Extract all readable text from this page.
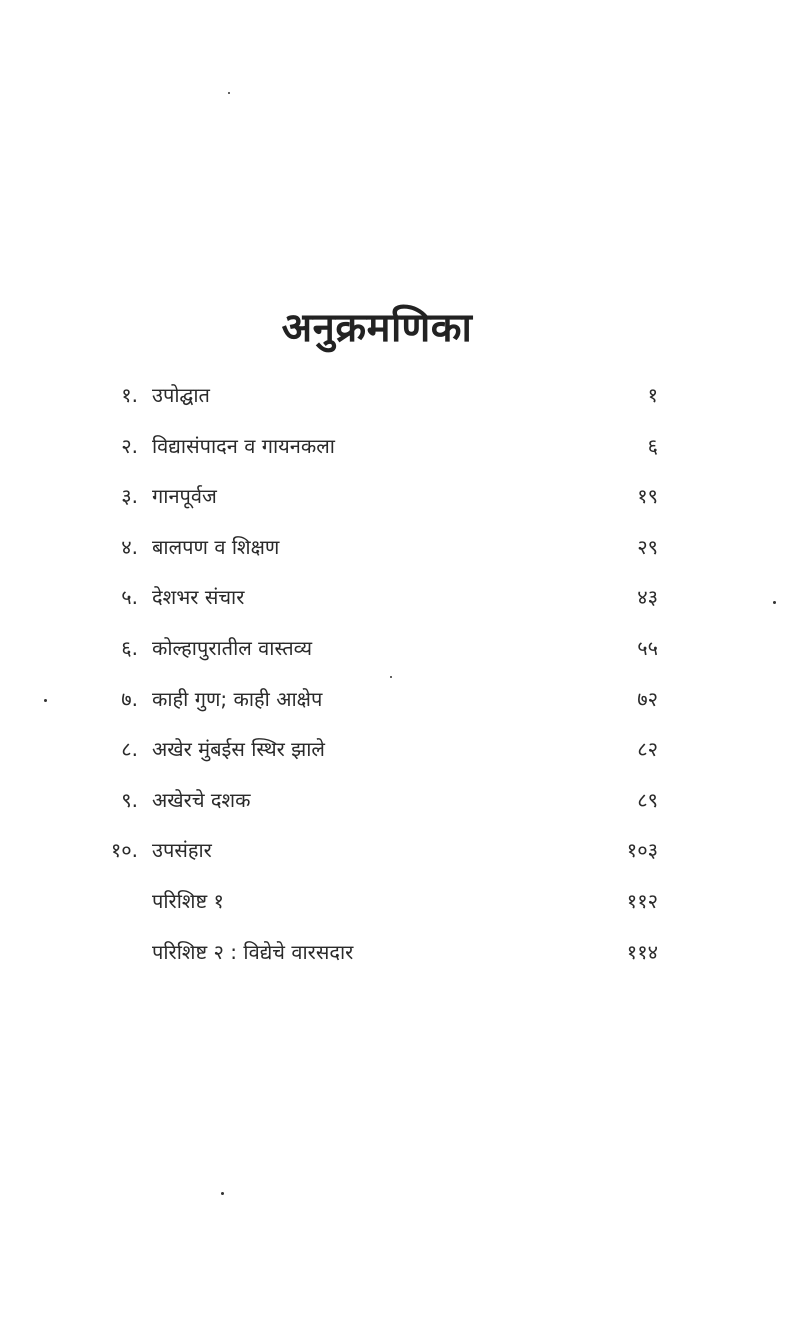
अनुक्रमणिका
१. उपोद्घात	१
२. विद्यासंपादन व गायनकला	६
३. गानपूर्वज	१९
४. बालपण व शिक्षण	२९
५. देशभर संचार	४३
६. कोल्हापुरातील वास्तव्य	५५
७. काही गुण; काही आक्षेप	७२
८. अखेर मुंबईस स्थिर झाले	८२
९. अखेरचे दशक	८९
१०. उपसंहार	१०३
परिशिष्ट १	११२
परिशिष्ट २ : विद्येचे वारसदार	११४
